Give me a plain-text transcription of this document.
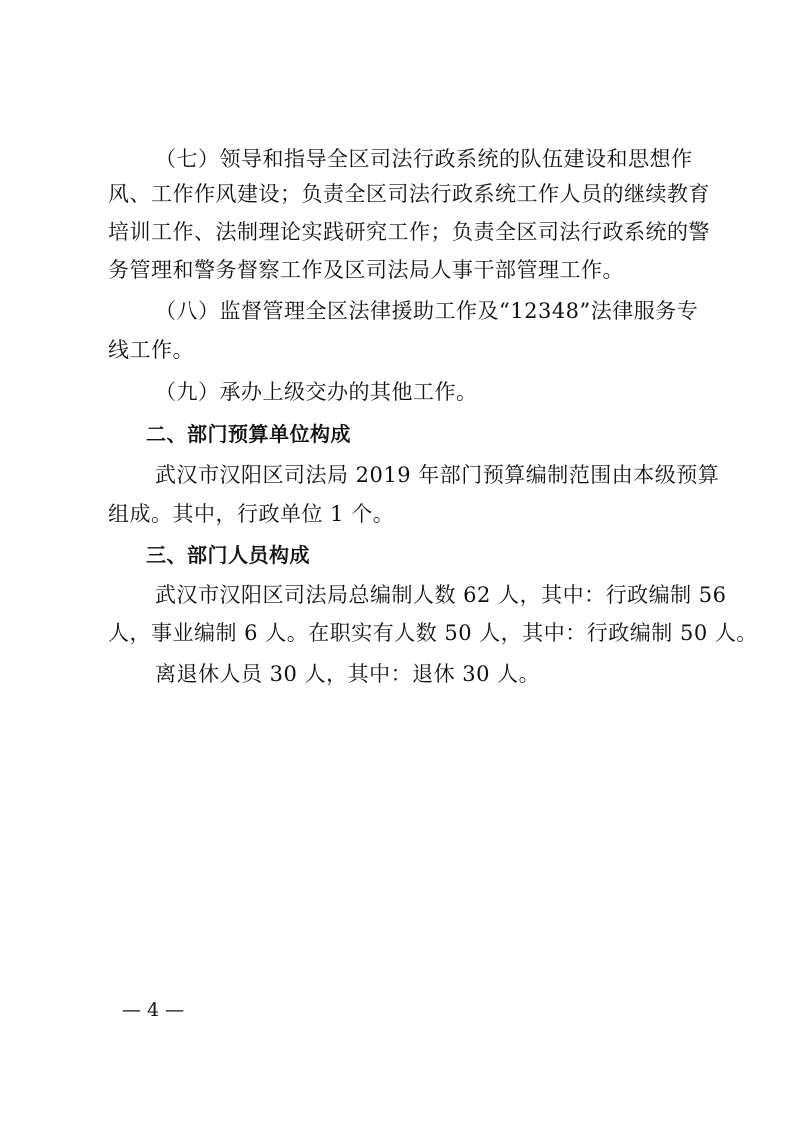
（七）领导和指导全区司法行政系统的队伍建设和思想作
风、工作作风建设；负责全区司法行政系统工作人员的继续教育
培训工作、法制理论实践研究工作；负责全区司法行政系统的警
务管理和警务督察工作及区司法局人事干部管理工作。
（八）监督管理全区法律援助工作及“12348”法律服务专
线工作。
（九）承办上级交办的其他工作。
二、部门预算单位构成
武汉市汉阳区司法局 2019 年部门预算编制范围由本级预算
组成。其中，行政单位 1 个。
三、部门人员构成
武汉市汉阳区司法局总编制人数 62 人，其中：行政编制 56
人，事业编制 6 人。在职实有人数 50 人，其中：行政编制 50 人。
离退休人员 30 人，其中：退休 30 人。
— 4 —
